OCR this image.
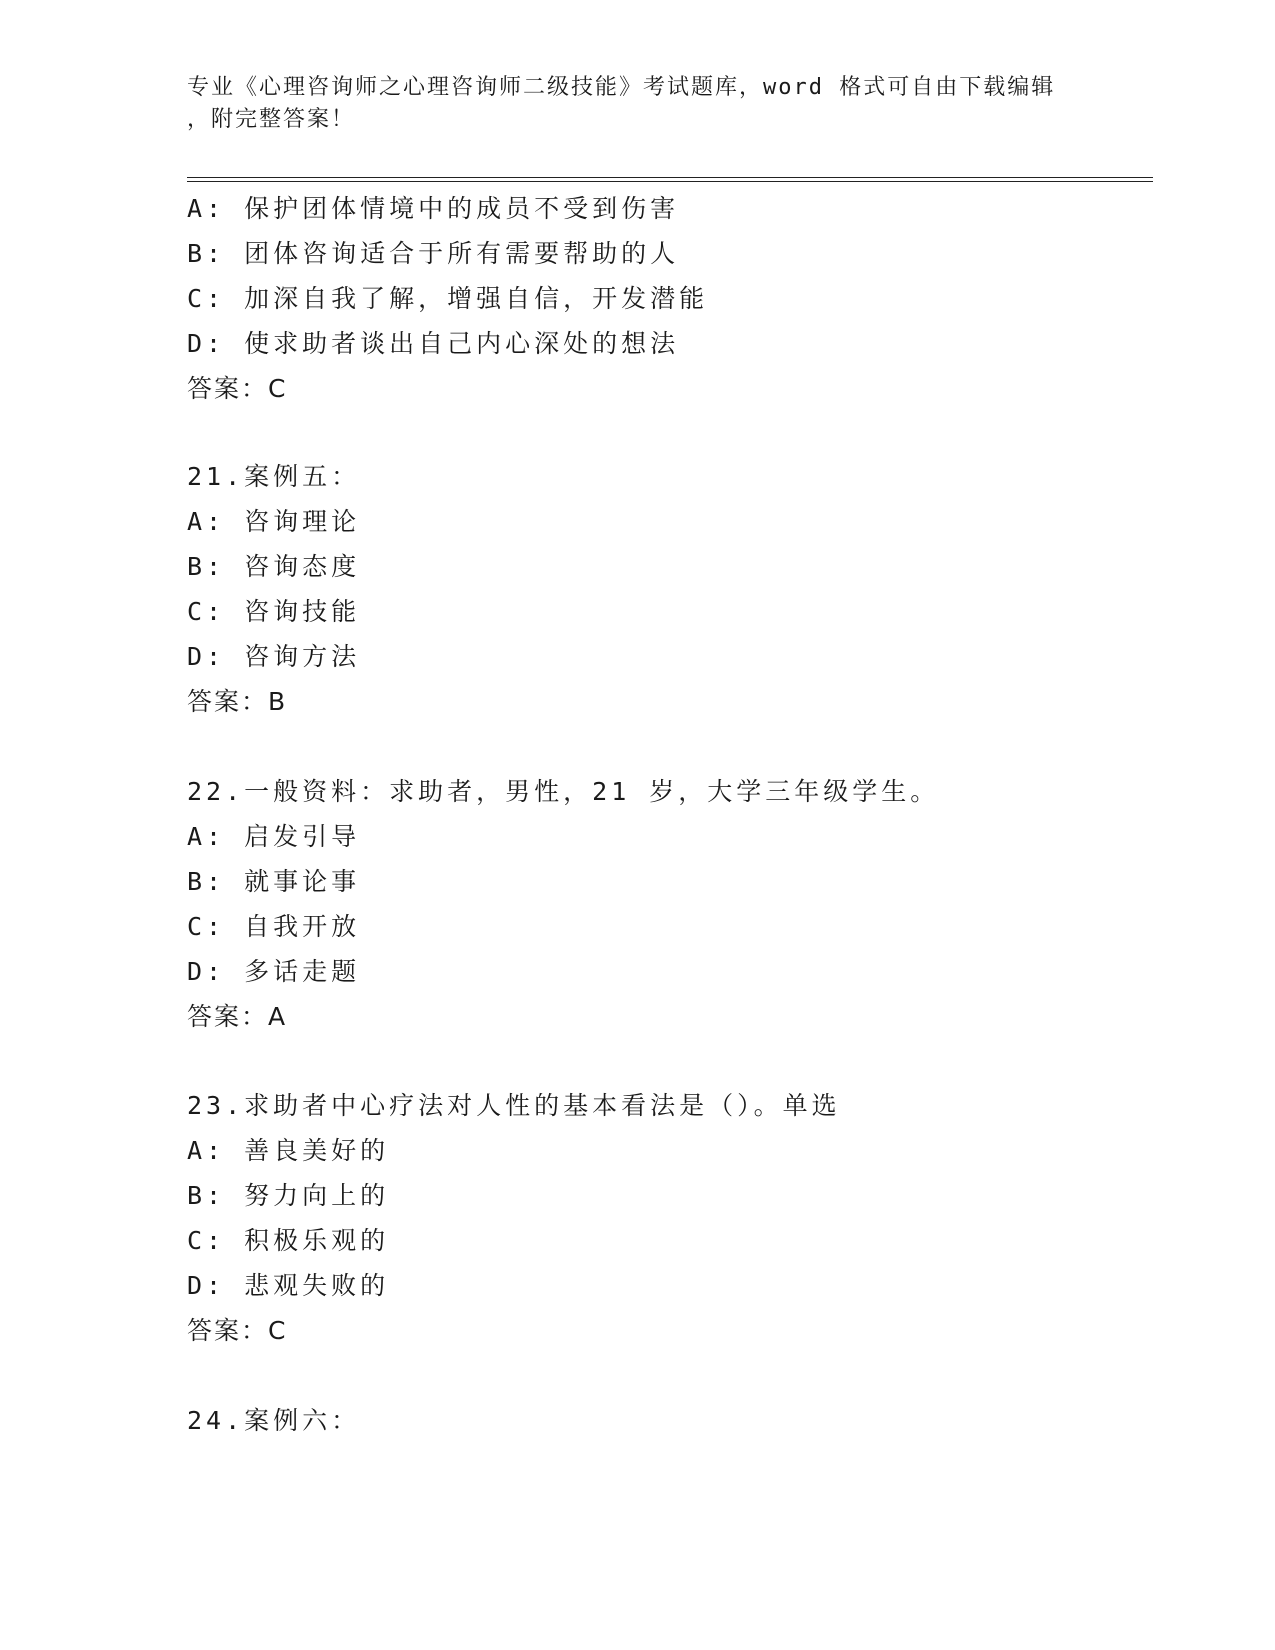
专业《心理咨询师之心理咨询师二级技能》考试题库，word 格式可自由下载编辑
，附完整答案！
A: 保护团体情境中的成员不受到伤害
B: 团体咨询适合于所有需要帮助的人
C: 加深自我了解，增强自信，开发潜能
D: 使求助者谈出自己内心深处的想法
答案：C
21.案例五：
A: 咨询理论
B: 咨询态度
C: 咨询技能
D: 咨询方法
答案：B
22.一般资料：求助者，男性，21 岁，大学三年级学生。
A: 启发引导
B: 就事论事
C: 自我开放
D: 多话走题
答案：A
23.求助者中心疗法对人性的基本看法是（）。单选
A: 善良美好的
B: 努力向上的
C: 积极乐观的
D: 悲观失败的
答案：C
24.案例六：
